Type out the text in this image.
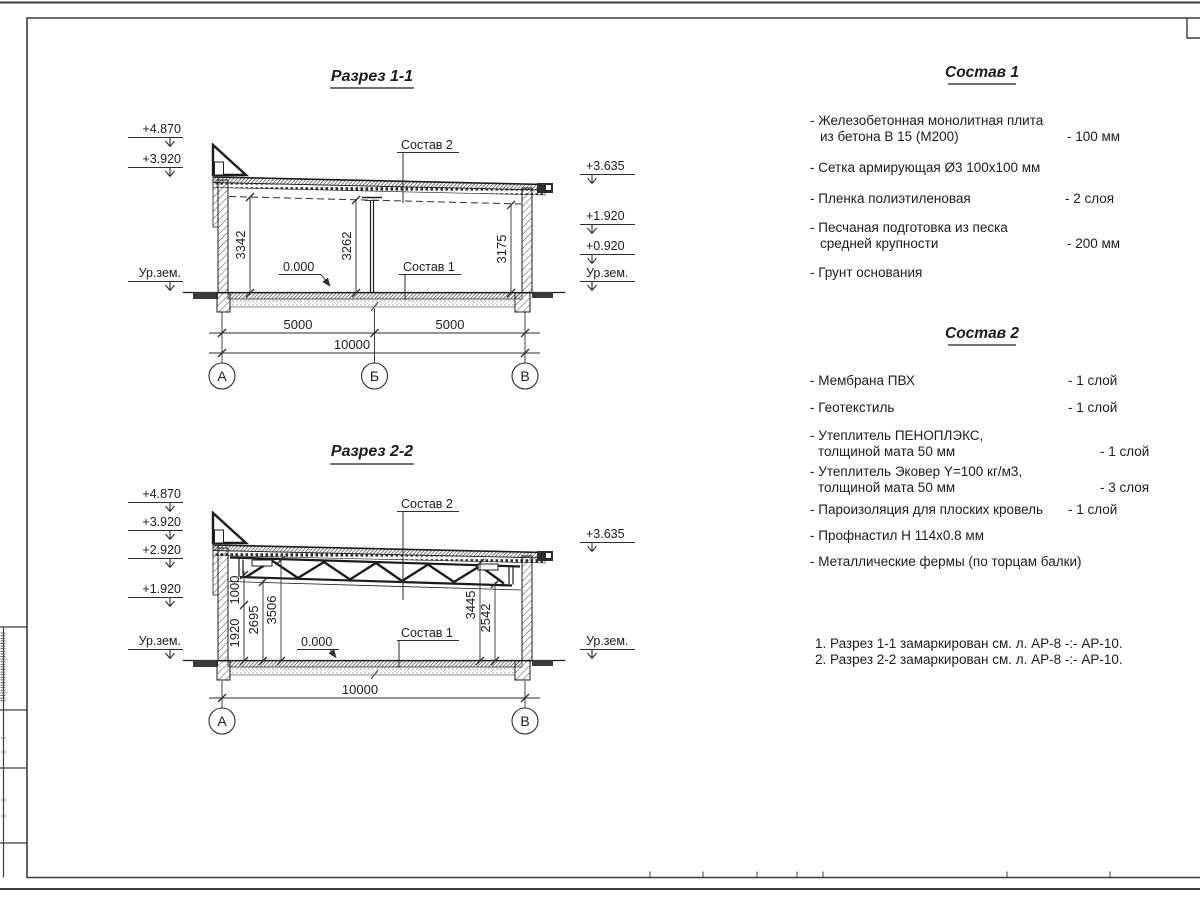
Разрез 1-1
Состав 2
Состав 1
0.000
+4.870
+3.920
Ур.зем.
+3.635
+1.920
+0.920
Ур.зем.
3342	3262	3175
5000	5000
10000
А	Б	В
Разрез 2-2
Состав 2
Состав 1
0.000
+4.870
+3.920
+2.920
+1.920
Ур.зем.
+3.635
Ур.зем.
1000
1920 2695 3506	3445 2542
10000
А	В
Состав 1
- Железобетонная монолитная плита
из бетона В 15 (М200)	- 100 мм
- Сетка армирующая Ø3 100х100 мм
- Пленка полиэтиленовая	- 2 слоя
- Песчаная подготовка из песка
средней крупности	- 200 мм
- Грунт основания
Состав 2
- Мембрана ПВХ	- 1 слой
- Геотекстиль	- 1 слой
- Утеплитель ПЕНОПЛЭКС,
толщиной мата 50 мм	- 1 слой
- Утеплитель Эковер Y=100 кг/м3,
толщиной мата 50 мм	- 3 слоя
- Пароизоляция для плоских кровель - 1 слой
- Профнастил Н 114х0.8 мм
- Металлические фермы (по торцам балки)
1. Разрез 1-1 замаркирован см. л. АР-8 -:- АР-10.
2. Разрез 2-2 замаркирован см. л. АР-8 -:- АР-10.
